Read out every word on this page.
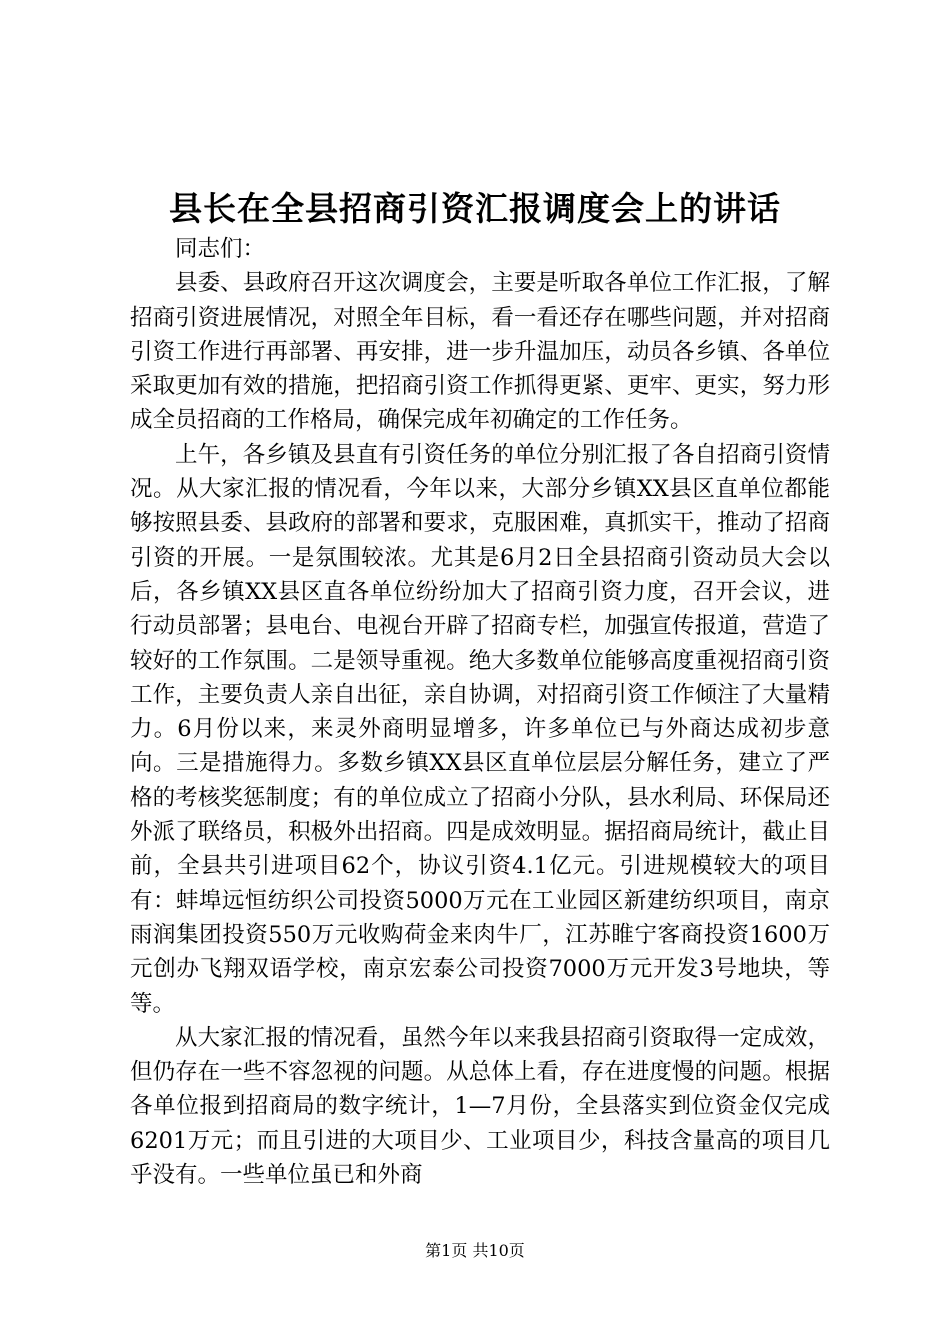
县长在全县招商引资汇报调度会上的讲话

同志们：

县委、县政府召开这次调度会，主要是听取各单位工作汇报，了解招商引资进展情况，对照全年目标，看一看还存在哪些问题，并对招商引资工作进行再部署、再安排，进一步升温加压，动员各乡镇、各单位采取更加有效的措施，把招商引资工作抓得更紧、更牢、更实，努力形成全员招商的工作格局，确保完成年初确定的工作任务。

上午，各乡镇及县直有引资任务的单位分别汇报了各自招商引资情况。从大家汇报的情况看，今年以来，大部分乡镇XX县区直单位都能够按照县委、县政府的部署和要求，克服困难，真抓实干，推动了招商引资的开展。一是氛围较浓。尤其是6月2日全县招商引资动员大会以后，各乡镇XX县区直各单位纷纷加大了招商引资力度，召开会议，进行动员部署；县电台、电视台开辟了招商专栏，加强宣传报道，营造了较好的工作氛围。二是领导重视。绝大多数单位能够高度重视招商引资工作，主要负责人亲自出征，亲自协调，对招商引资工作倾注了大量精力。6月份以来，来灵外商明显增多，许多单位已与外商达成初步意向。三是措施得力。多数乡镇XX县区直单位层层分解任务，建立了严格的考核奖惩制度；有的单位成立了招商小分队，县水利局、环保局还外派了联络员，积极外出招商。四是成效明显。据招商局统计，截止目前，全县共引进项目62个，协议引资4.1亿元。引进规模较大的项目有：蚌埠远恒纺织公司投资5000万元在工业园区新建纺织项目，南京雨润集团投资550万元收购荷金来肉牛厂，江苏睢宁客商投资1600万元创办飞翔双语学校，南京宏泰公司投资7000万元开发3号地块，等等。

从大家汇报的情况看，虽然今年以来我县招商引资取得一定成效，但仍存在一些不容忽视的问题。从总体上看，存在进度慢的问题。根据各单位报到招商局的数字统计，1—7月份，全县落实到位资金仅完成6201万元；而且引进的大项目少、工业项目少，科技含量高的项目几乎没有。一些单位虽已和外商

第1页 共10页
